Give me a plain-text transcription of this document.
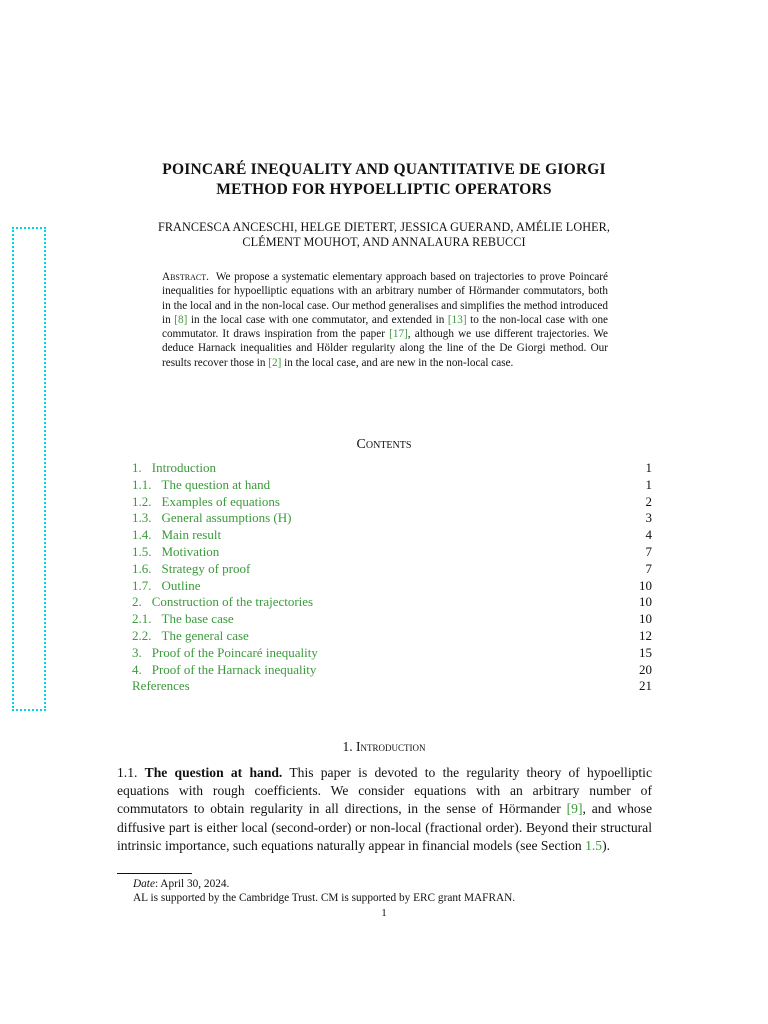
POINCARÉ INEQUALITY AND QUANTITATIVE DE GIORGI
METHOD FOR HYPOELLIPTIC OPERATORS
FRANCESCA ANCESCHI, HELGE DIETERT, JESSICA GUERAND, AMÉLIE LOHER,
CLÉMENT MOUHOT, AND ANNALAURA REBUCCI
Abstract. We propose a systematic elementary approach based on trajectories to prove Poincaré inequalities for hypoelliptic equations with an arbitrary number of Hörmander commutators, both in the local and in the non-local case. Our method generalises and simplifies the method introduced in [8] in the local case with one commutator, and extended in [13] to the non-local case with one commutator. It draws inspiration from the paper [17], although we use different trajectories. We deduce Harnack inequalities and Hölder regularity along the line of the De Giorgi method. Our results recover those in [2] in the local case, and are new in the non-local case.
Contents
1. Introduction	1
1.1. The question at hand	1
1.2. Examples of equations	2
1.3. General assumptions (H)	3
1.4. Main result	4
1.5. Motivation	7
1.6. Strategy of proof	7
1.7. Outline	10
2. Construction of the trajectories	10
2.1. The base case	10
2.2. The general case	12
3. Proof of the Poincaré inequality	15
4. Proof of the Harnack inequality	20
References	21
1. Introduction
1.1. The question at hand. This paper is devoted to the regularity theory of hypoelliptic equations with rough coefficients. We consider equations with an arbitrary number of commutators to obtain regularity in all directions, in the sense of Hörmander [9], and whose diffusive part is either local (second-order) or non-local (fractional order). Beyond their structural intrinsic importance, such equations naturally appear in financial models (see Section 1.5).
Date: April 30, 2024.
AL is supported by the Cambridge Trust. CM is supported by ERC grant MAFRAN.
1
